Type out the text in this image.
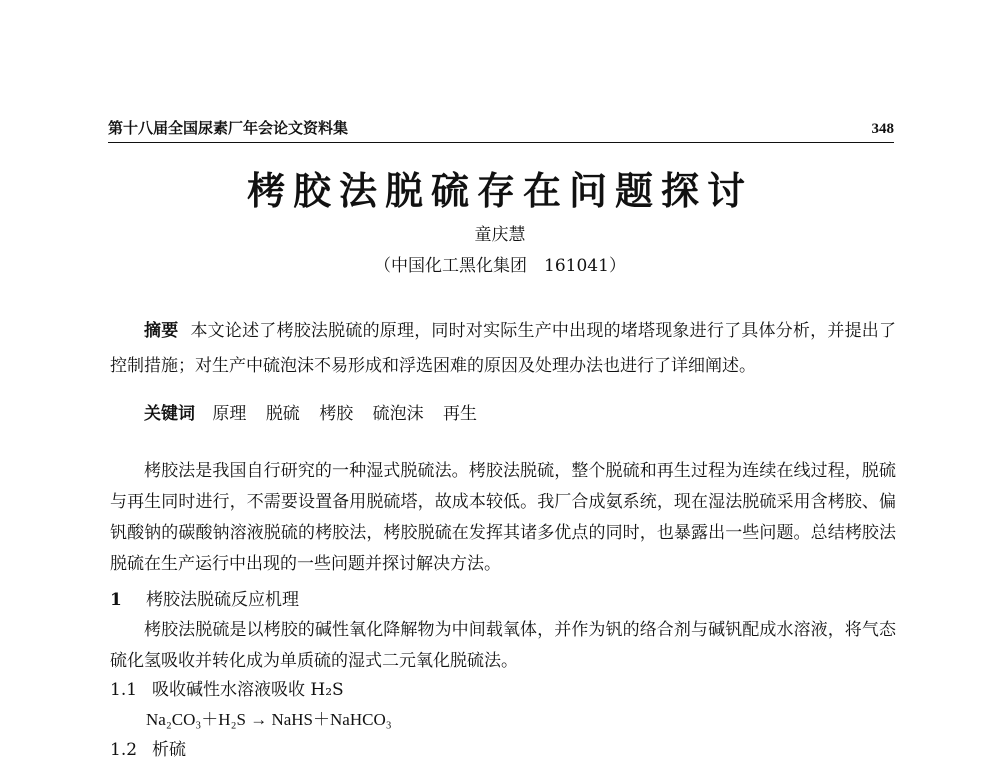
第十八届全国尿素厂年会论文资料集	348
栲胶法脱硫存在问题探讨
童庆慧
（中国化工黑化集团　161041）

摘要 本文论述了栲胶法脱硫的原理，同时对实际生产中出现的堵塔现象进行了具体分析，并提出了控制措施；对生产中硫泡沫不易形成和浮选困难的原因及处理办法也进行了详细阐述。

关键词 原理 脱硫 栲胶 硫泡沫 再生

栲胶法是我国自行研究的一种湿式脱硫法。栲胶法脱硫，整个脱硫和再生过程为连续在线过程，脱硫与再生同时进行，不需要设置备用脱硫塔，故成本较低。我厂合成氨系统，现在湿法脱硫采用含栲胶、偏钒酸钠的碳酸钠溶液脱硫的栲胶法，栲胶脱硫在发挥其诸多优点的同时，也暴露出一些问题。总结栲胶法脱硫在生产运行中出现的一些问题并探讨解决方法。

1 栲胶法脱硫反应机理

栲胶法脱硫是以栲胶的碱性氧化降解物为中间载氧体，并作为钒的络合剂与碱钒配成水溶液，将气态硫化氢吸收并转化成为单质硫的湿式二元氧化脱硫法。

1.1 吸收碱性水溶液吸收 H₂S
Na₂CO₃＋H₂S → NaHS＋NaHCO₃
1.2 析硫
